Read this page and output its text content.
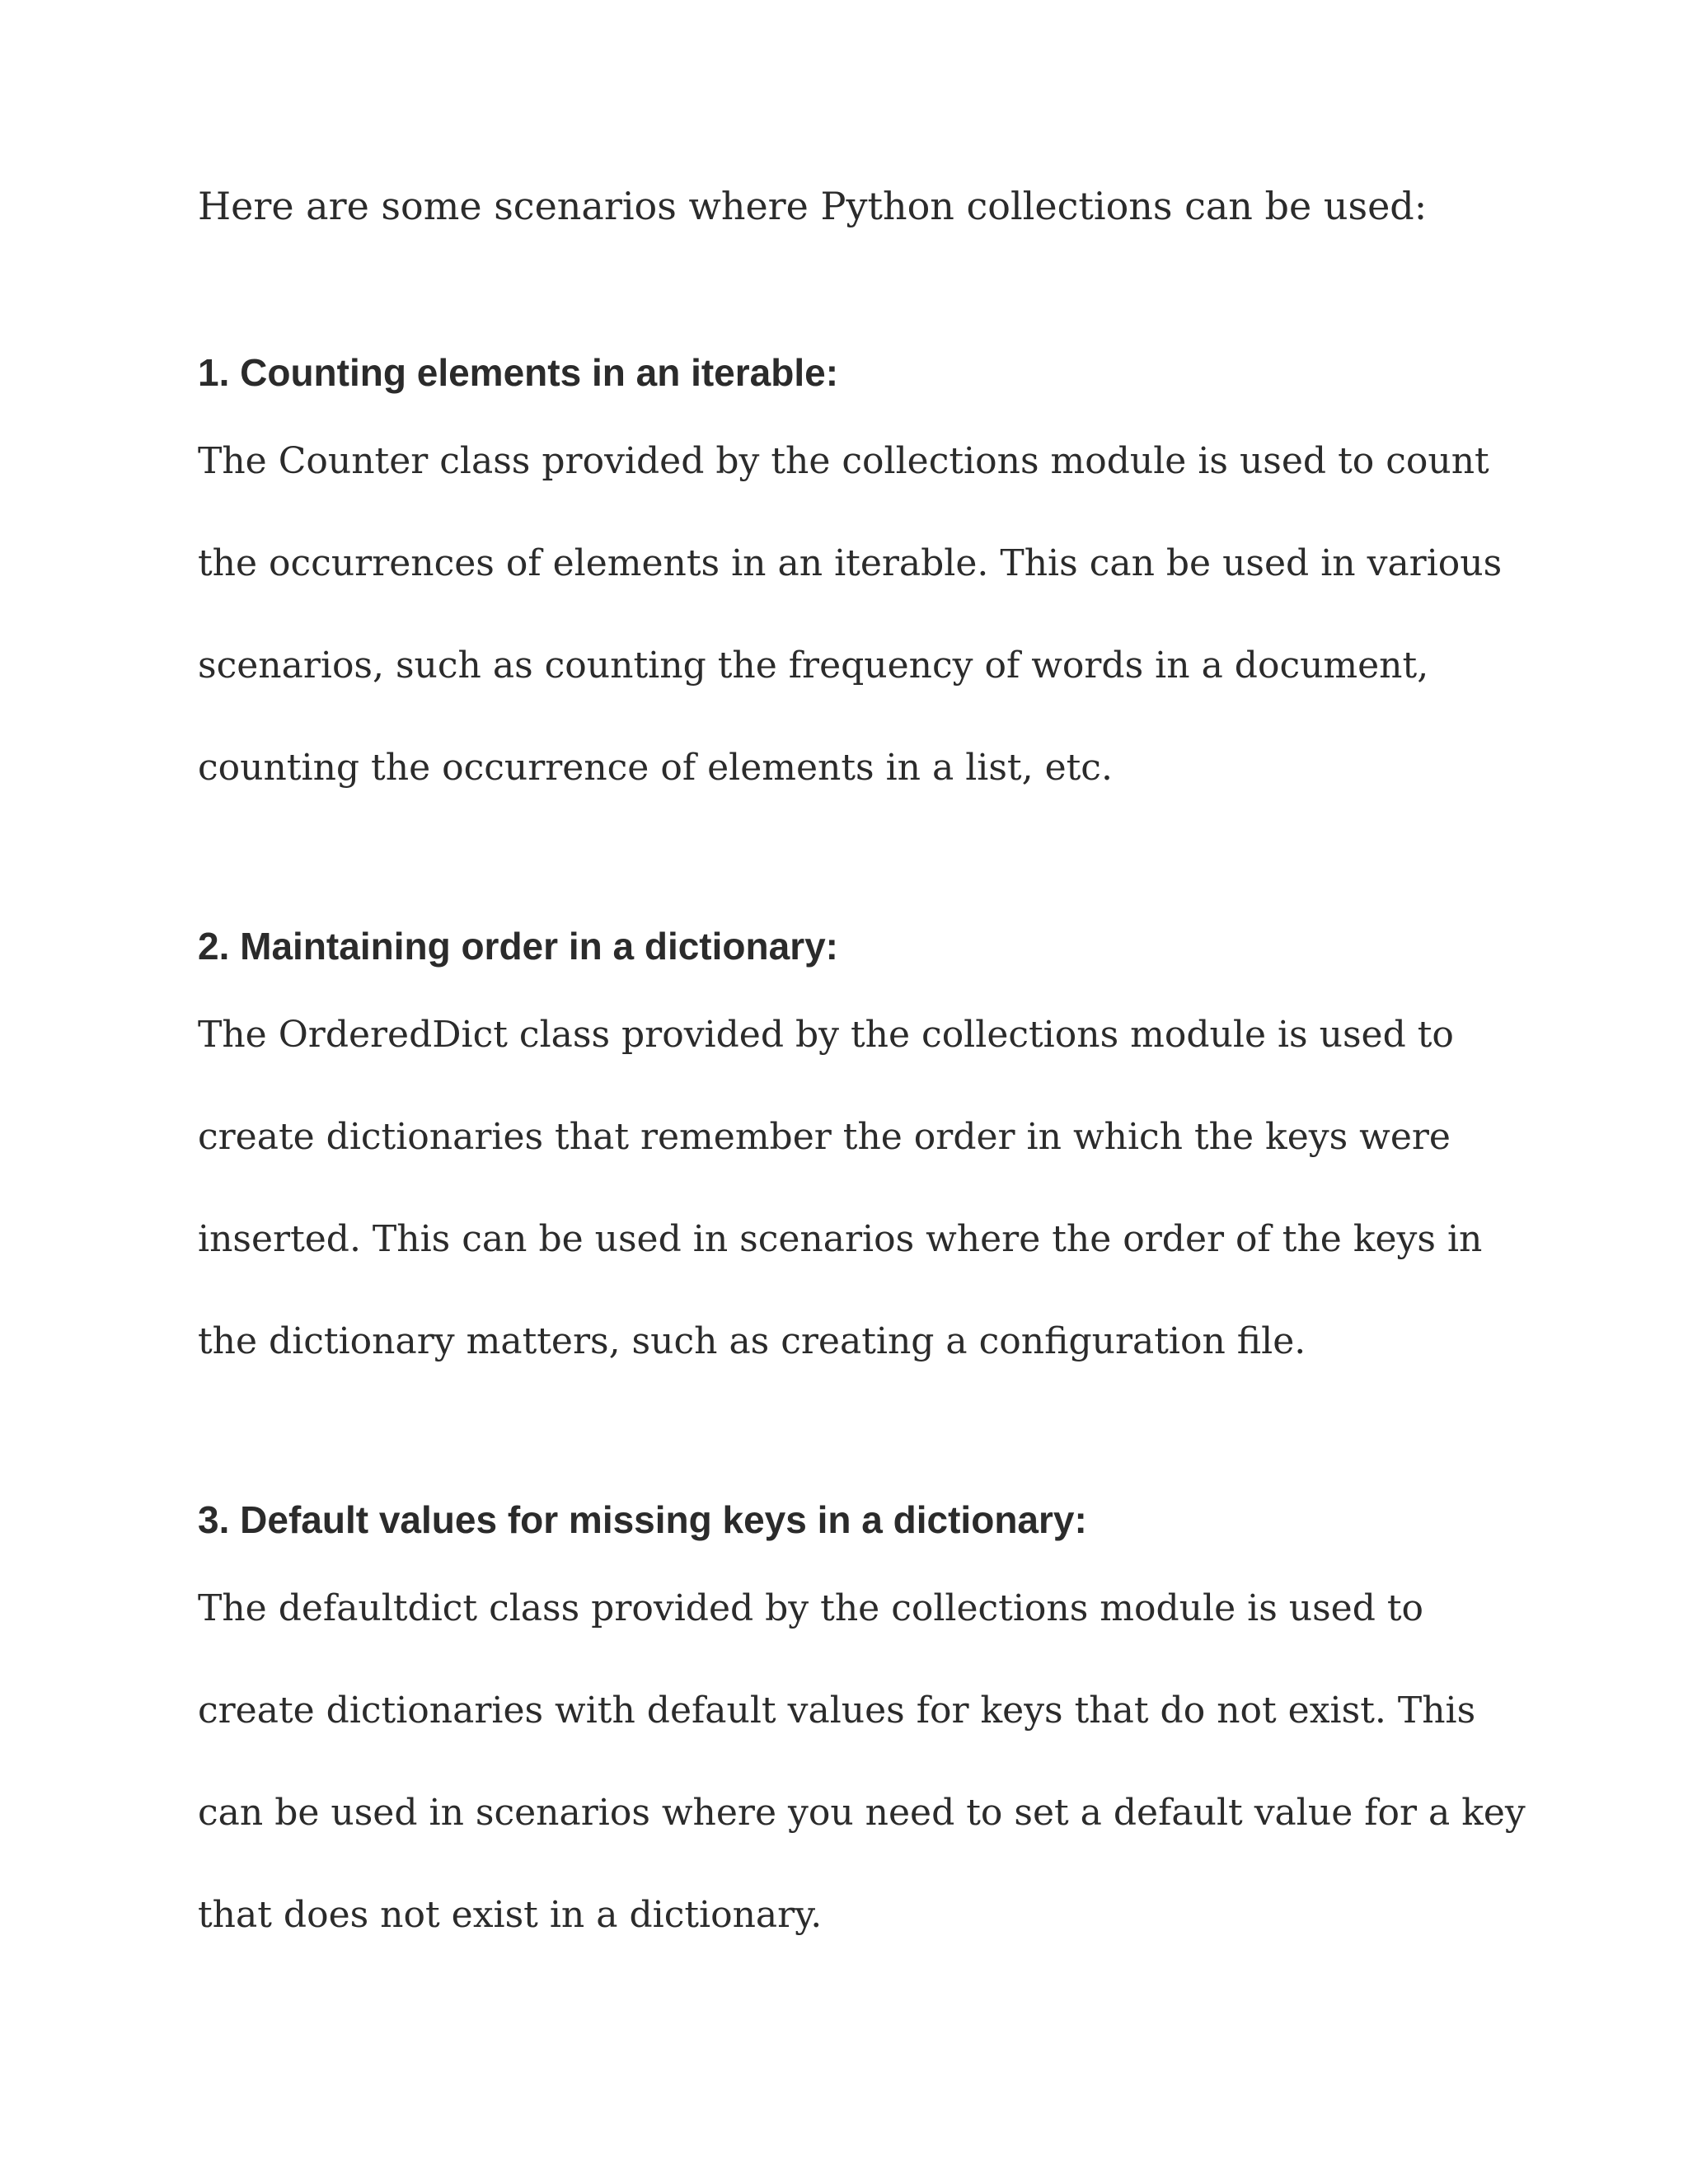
Here are some scenarios where Python collections can be used:

1. Counting elements in an iterable:

The Counter class provided by the collections module is used to count the occurrences of elements in an iterable. This can be used in various scenarios, such as counting the frequency of words in a document, counting the occurrence of elements in a list, etc.

2. Maintaining order in a dictionary:

The OrderedDict class provided by the collections module is used to create dictionaries that remember the order in which the keys were inserted. This can be used in scenarios where the order of the keys in the dictionary matters, such as creating a configuration file.

3. Default values for missing keys in a dictionary:

The defaultdict class provided by the collections module is used to create dictionaries with default values for keys that do not exist. This can be used in scenarios where you need to set a default value for a key that does not exist in a dictionary.
